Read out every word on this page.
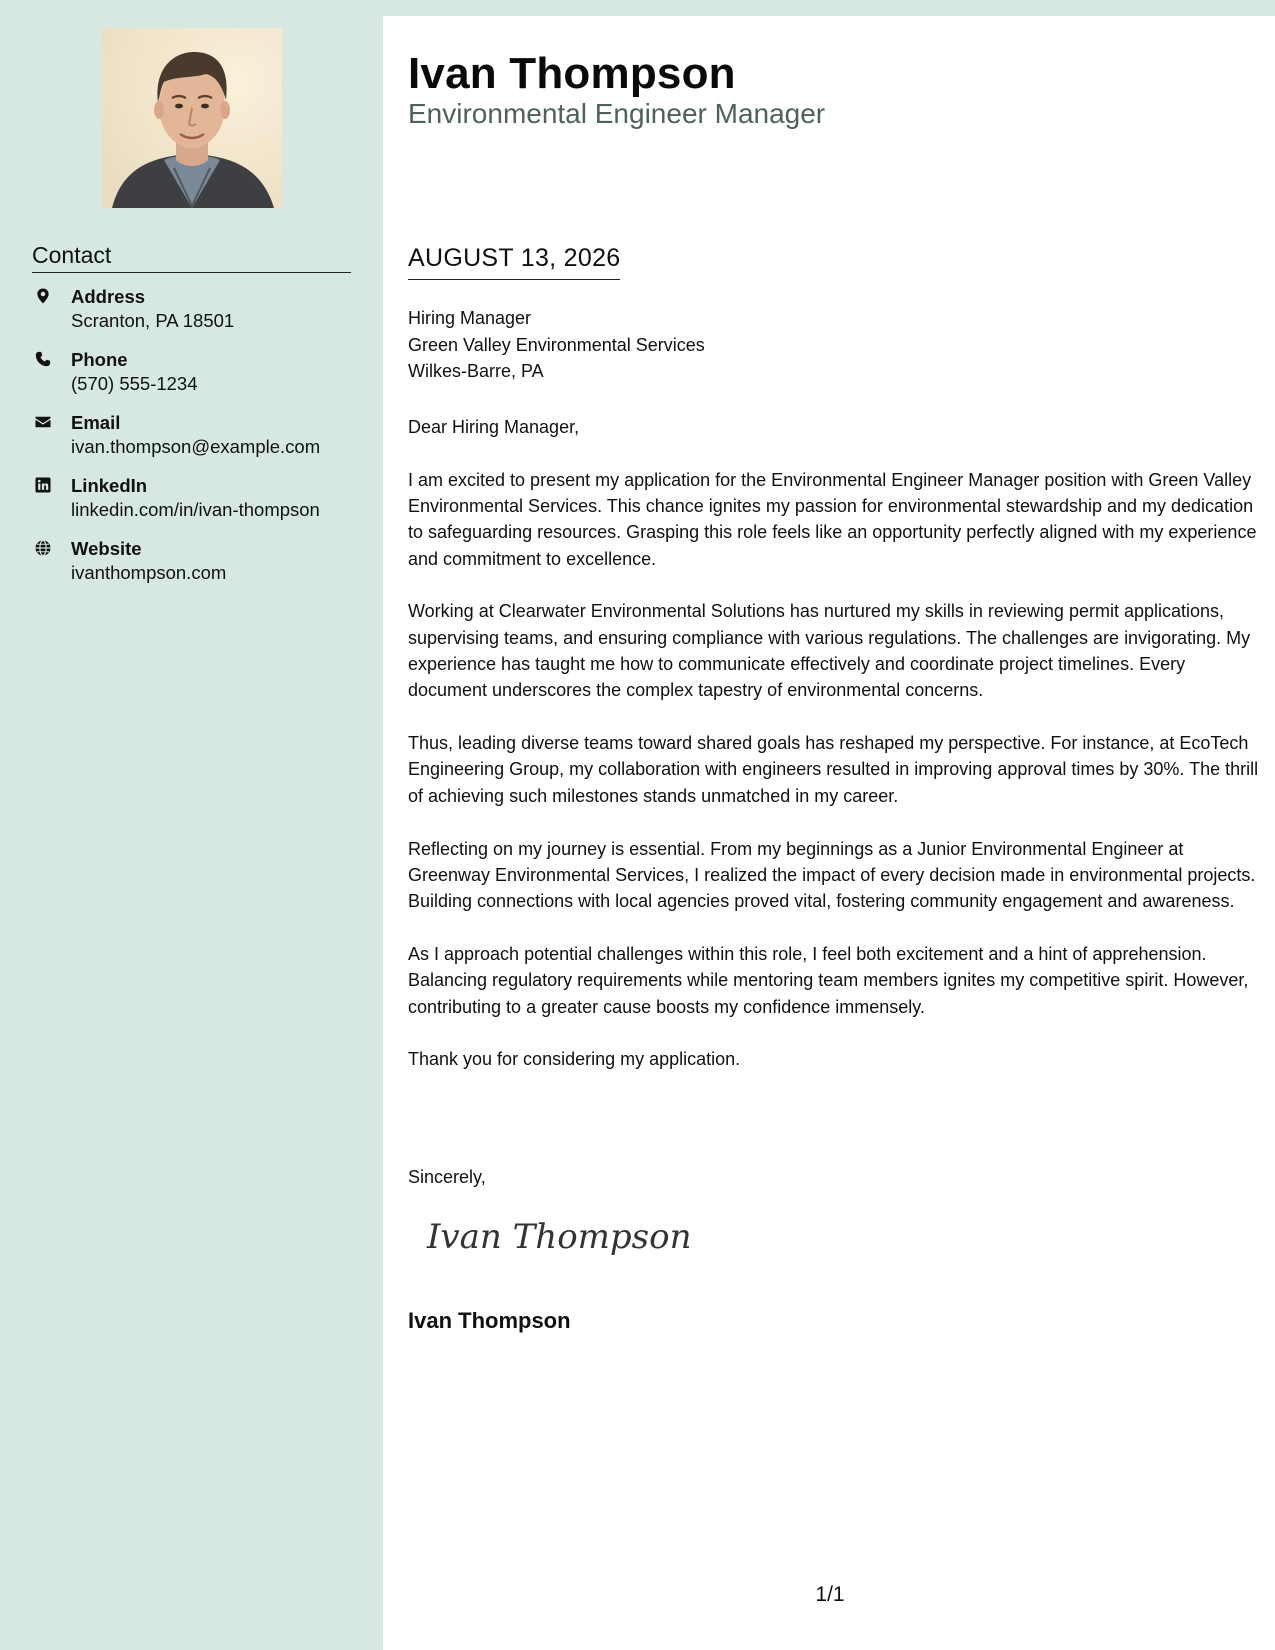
Contact
Address
Scranton, PA 18501
Phone
(570) 555-1234
Email
ivan.thompson@example.com
LinkedIn
linkedin.com/in/ivan-thompson
Website
ivanthompson.com
Ivan Thompson
Environmental Engineer Manager
AUGUST 13, 2026
Hiring Manager
Green Valley Environmental Services
Wilkes-Barre, PA

Dear Hiring Manager,

I am excited to present my application for the Environmental Engineer Manager position with Green Valley Environmental Services. This chance ignites my passion for environmental stewardship and my dedication to safeguarding resources. Grasping this role feels like an opportunity perfectly aligned with my experience and commitment to excellence.

Working at Clearwater Environmental Solutions has nurtured my skills in reviewing permit applications, supervising teams, and ensuring compliance with various regulations. The challenges are invigorating. My experience has taught me how to communicate effectively and coordinate project timelines. Every document underscores the complex tapestry of environmental concerns.

Thus, leading diverse teams toward shared goals has reshaped my perspective. For instance, at EcoTech Engineering Group, my collaboration with engineers resulted in improving approval times by 30%. The thrill of achieving such milestones stands unmatched in my career.

Reflecting on my journey is essential. From my beginnings as a Junior Environmental Engineer at Greenway Environmental Services, I realized the impact of every decision made in environmental projects. Building connections with local agencies proved vital, fostering community engagement and awareness.

As I approach potential challenges within this role, I feel both excitement and a hint of apprehension. Balancing regulatory requirements while mentoring team members ignites my competitive spirit. However, contributing to a greater cause boosts my confidence immensely.

Thank you for considering my application.

Sincerely,
Ivan Thompson
Ivan Thompson
1/1
